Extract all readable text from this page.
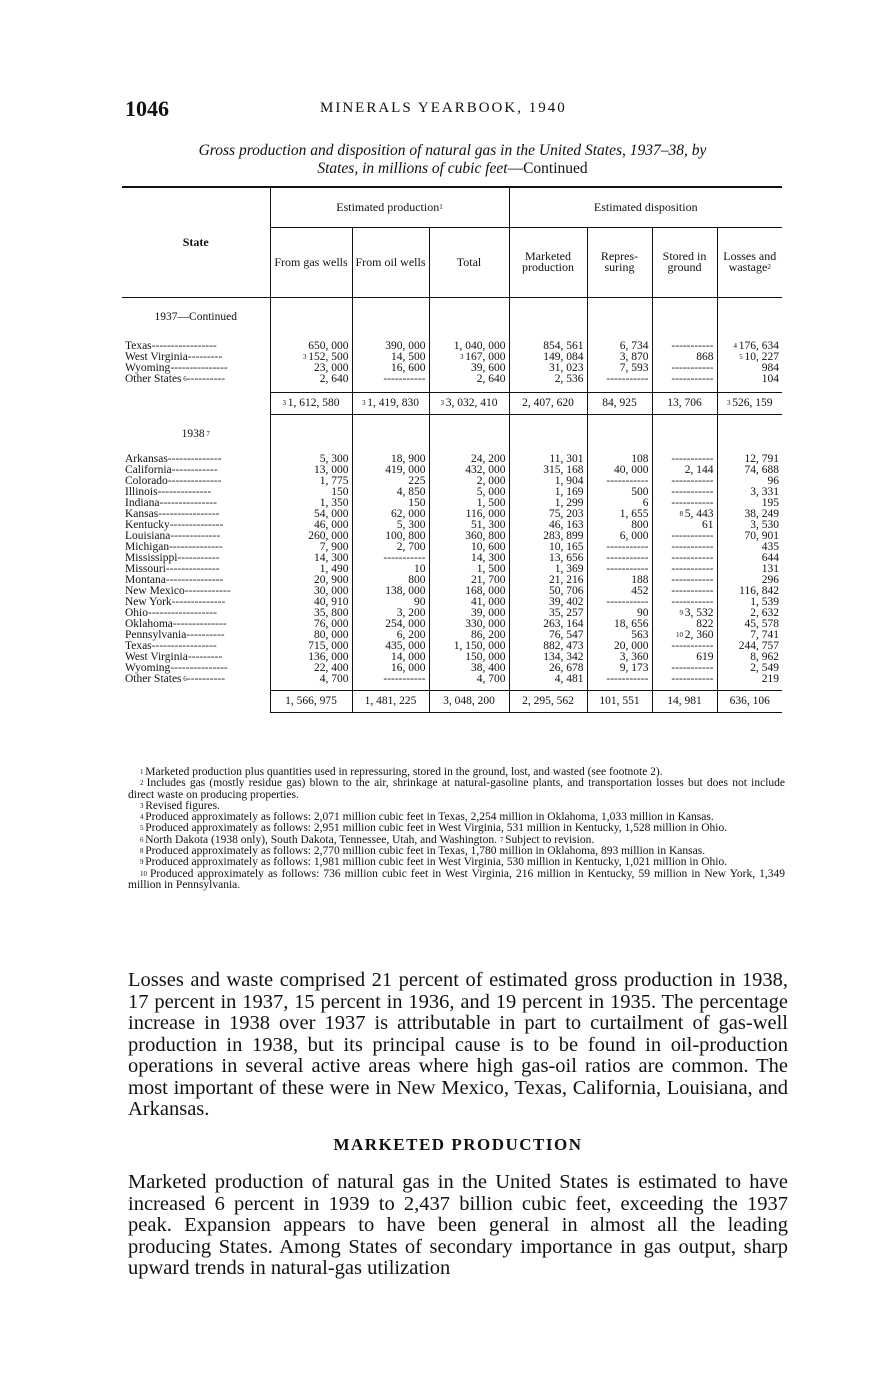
1046	MINERALS YEARBOOK, 1940
Gross production and disposition of natural gas in the United States, 1937–38, by
States, in millions of cubic feet—Continued
State	Estimated production$^1$			Estimated disposition			
	From gas wells	From oil wells	Total	Marketed production	Repres-suring	Stored in ground	Losses and wastage$^2$
1937—Continued							
Texas-----------------	650, 000	390, 000	1, 040, 000	854, 561	6, 734	-----------	$^4$ 176, 634
West Virginia---------	$^3$ 152, 500	14, 500	$^3$ 167, 000	149, 084	3, 870	868	$^5$ 10, 227
Wyoming---------------	23, 000	16, 600	39, 600	31, 023	7, 593	-----------	984
Other States $^6$----------	2, 640	-----------	2, 640	2, 536	-----------	-----------	104

	$^3$ 1, 612, 580	$^3$ 1, 419, 830	$^3$ 3, 032, 410	2, 407, 620	84, 925	13, 706	$^3$ 526, 159
1938 $^7$							
Arkansas--------------	5, 300	18, 900	24, 200	11, 301	108	-----------	12, 791
California------------	13, 000	419, 000	432, 000	315, 168	40, 000	2, 144	74, 688
Colorado--------------	1, 775	225	2, 000	1, 904	-----------	-----------	96
Illinois--------------	150	4, 850	5, 000	1, 169	500	-----------	3, 331
Indiana---------------	1, 350	150	1, 500	1, 299	6	-----------	195
Kansas----------------	54, 000	62, 000	116, 000	75, 203	1, 655	$^8$ 5, 443	38, 249
Kentucky--------------	46, 000	5, 300	51, 300	46, 163	800	61	3, 530
Louisiana-------------	260, 000	100, 800	360, 800	283, 899	6, 000	-----------	70, 901
Michigan--------------	7, 900	2, 700	10, 600	10, 165	-----------	-----------	435
Mississippi-----------	14, 300	-----------	14, 300	13, 656	-----------	-----------	644
Missouri--------------	1, 490	10	1, 500	1, 369	-----------	-----------	131
Montana---------------	20, 900	800	21, 700	21, 216	188	-----------	296
New Mexico------------	30, 000	138, 000	168, 000	50, 706	452	-----------	116, 842
New York--------------	40, 910	90	41, 000	39, 402	-----------	-----------	1, 539
Ohio------------------	35, 800	3, 200	39, 000	35, 257	90	$^9$ 3, 532	2, 632
Oklahoma--------------	76, 000	254, 000	330, 000	263, 164	18, 656	822	45, 578
Pennsylvania----------	80, 000	6, 200	86, 200	76, 547	563	$^{10}$ 2, 360	7, 741
Texas-----------------	715, 000	435, 000	1, 150, 000	882, 473	20, 000	-----------	244, 757
West Virginia---------	136, 000	14, 000	150, 000	134, 342	3, 360	619	8, 962
Wyoming---------------	22, 400	16, 000	38, 400	26, 678	9, 173	-----------	2, 549
Other States $^6$----------	4, 700	-----------	4, 700	4, 481	-----------	-----------	219

	1, 566, 975	1, 481, 225	3, 048, 200	2, 295, 562	101, 551	14, 981	636, 106

$^1$ Marketed production plus quantities used in repressuring, stored in the ground, lost, and wasted (see footnote 2).

$^2$ Includes gas (mostly residue gas) blown to the air, shrinkage at natural-gasoline plants, and transportation losses but does not include direct waste on producing properties.

$^3$ Revised figures.

$^4$ Produced approximately as follows: 2,071 million cubic feet in Texas, 2,254 million in Oklahoma, 1,033 million in Kansas.

$^5$ Produced approximately as follows: 2,951 million cubic feet in West Virginia, 531 million in Kentucky, 1,528 million in Ohio.

$^6$ North Dakota (1938 only), South Dakota, Tennessee, Utah, and Washington. $^7$ Subject to revision.

$^8$ Produced approximately as follows: 2,770 million cubic feet in Texas, 1,780 million in Oklahoma, 893 million in Kansas.

$^9$ Produced approximately as follows: 1,981 million cubic feet in West Virginia, 530 million in Kentucky, 1,021 million in Ohio.

$^{10}$ Produced approximately as follows: 736 million cubic feet in West Virginia, 216 million in Kentucky, 59 million in New York, 1,349 million in Pennsylvania.

Losses and waste comprised 21 percent of estimated gross production in 1938, 17 percent in 1937, 15 percent in 1936, and 19 percent in 1935. The percentage increase in 1938 over 1937 is attributable in part to curtailment of gas-well production in 1938, but its principal cause is to be found in oil-production operations in several active areas where high gas-oil ratios are common. The most important of these were in New Mexico, Texas, California, Louisiana, and Arkansas.
MARKETED PRODUCTION
Marketed production of natural gas in the United States is estimated to have increased 6 percent in 1939 to 2,437 billion cubic feet, exceeding the 1937 peak. Expansion appears to have been general in almost all the leading producing States. Among States of secondary importance in gas output, sharp upward trends in natural-gas utilization
